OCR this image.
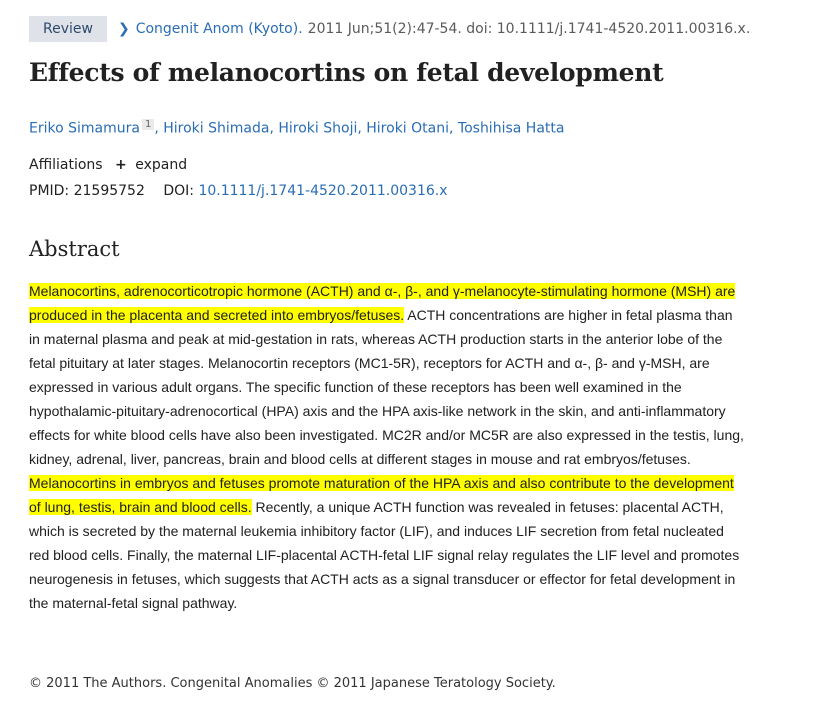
Review	❯ Congenit Anom (Kyoto). 2011 Jun;51(2):47-54. doi: 10.1111/j.1741-4520.2011.00316.x.
Effects of melanocortins on fetal development
Eriko Simamura $^1$ , Hiroki Shimada, Hiroki Shoji, Hiroki Otani, Toshihisa Hatta
Affiliations + expand
PMID: 21595752 DOI: 10.1111/j.1741-4520.2011.00316.x
Abstract

Melanocortins, adrenocorticotropic hormone (ACTH) and α-, β-, and γ-melanocyte-stimulating hormone (MSH) are produced in the placenta and secreted into embryos/fetuses. ACTH concentrations are higher in fetal plasma than in maternal plasma and peak at mid-gestation in rats, whereas ACTH production starts in the anterior lobe of the fetal pituitary at later stages. Melanocortin receptors (MC1-5R), receptors for ACTH and α-, β- and γ-MSH, are expressed in various adult organs. The specific function of these receptors has been well examined in the hypothalamic-pituitary-adrenocortical (HPA) axis and the HPA axis-like network in the skin, and anti-inflammatory effects for white blood cells have also been investigated. MC2R and/or MC5R are also expressed in the testis, lung, kidney, adrenal, liver, pancreas, brain and blood cells at different stages in mouse and rat embryos/fetuses. Melanocortins in embryos and fetuses promote maturation of the HPA axis and also contribute to the development of lung, testis, brain and blood cells. Recently, a unique ACTH function was revealed in fetuses: placental ACTH, which is secreted by the maternal leukemia inhibitory factor (LIF), and induces LIF secretion from fetal nucleated red blood cells. Finally, the maternal LIF-placental ACTH-fetal LIF signal relay regulates the LIF level and promotes neurogenesis in fetuses, which suggests that ACTH acts as a signal transducer or effector for fetal development in the maternal-fetal signal pathway.

© 2011 The Authors. Congenital Anomalies © 2011 Japanese Teratology Society.
